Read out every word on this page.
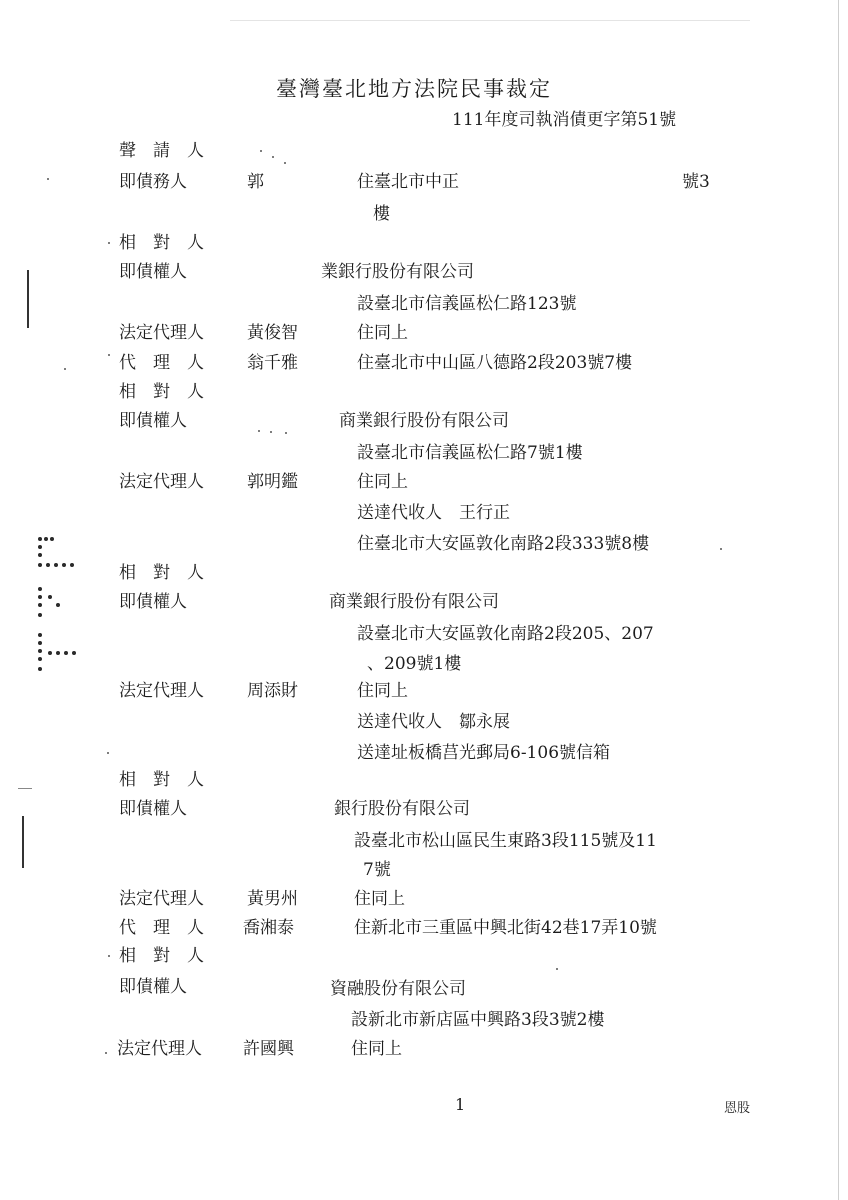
臺灣臺北地方法院民事裁定
111年度司執消債更字第51號
聲　請　人
即債務人	郭	住臺北市中正	號3
樓
相　對　人
即債權人	業銀行股份有限公司
設臺北市信義區松仁路123號
法定代理人	黃俊智	住同上
代　理　人	翁千雅	住臺北市中山區八德路2段203號7樓
相　對　人
即債權人	商業銀行股份有限公司
設臺北市信義區松仁路7號1樓
法定代理人	郭明鑑	住同上
送達代收人　王行正
住臺北市大安區敦化南路2段333號8樓
相　對　人
即債權人	商業銀行股份有限公司
設臺北市大安區敦化南路2段205、207
、209號1樓
法定代理人	周添財	住同上
送達代收人　鄒永展
送達址板橋莒光郵局6-106號信箱
相　對　人
即債權人	銀行股份有限公司
設臺北市松山區民生東路3段115號及11
7號
法定代理人	黃男州	住同上
代　理　人 喬湘泰	住新北市三重區中興北街42巷17弄10號
相　對　人
即債權人	資融股份有限公司
設新北市新店區中興路3段3號2樓
法定代理人 許國興	住同上
1	恩股
